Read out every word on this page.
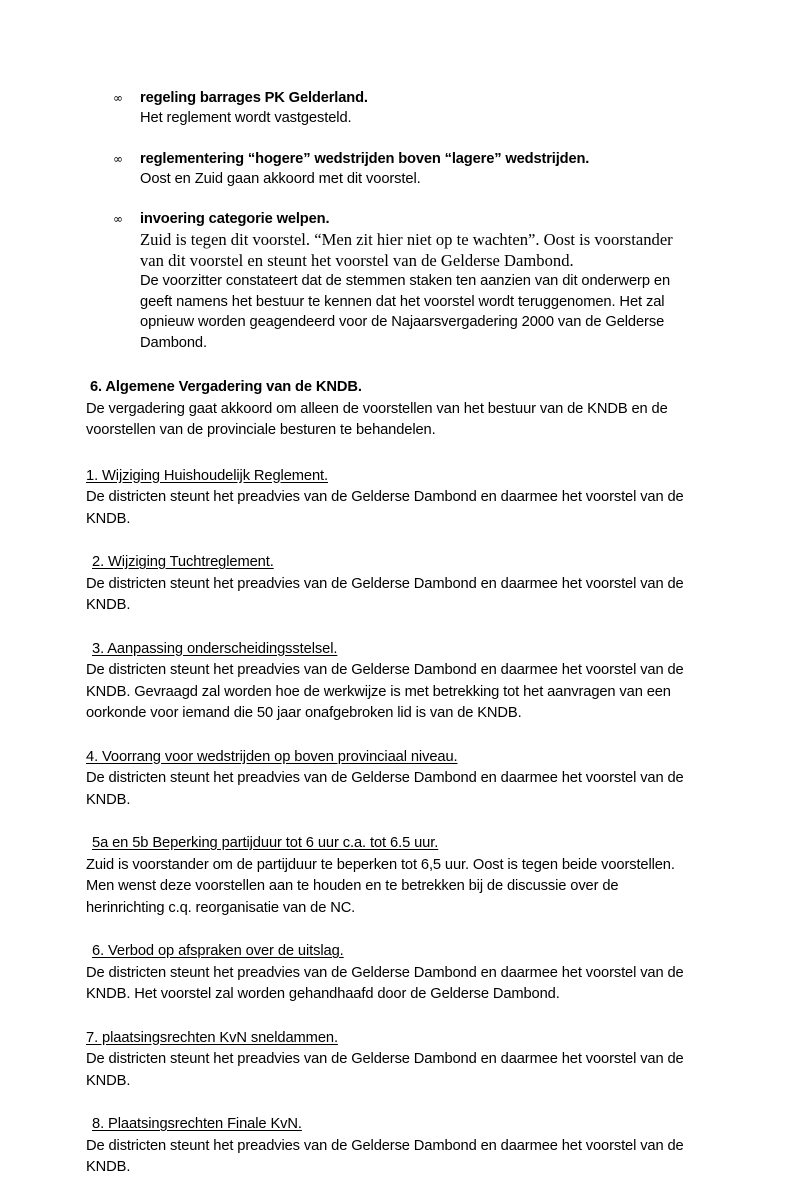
∞ regeling barrages PK Gelderland.
Het reglement wordt vastgesteld.
∞ reglementering “hogere” wedstrijden boven “lagere” wedstrijden.
Oost en Zuid gaan akkoord met dit voorstel.
∞ invoering categorie welpen.
Zuid is tegen dit voorstel. “Men zit hier niet op te wachten”. Oost is voorstander van dit voorstel en steunt het voorstel van de Gelderse Dambond.
De voorzitter constateert dat de stemmen staken ten aanzien van dit onderwerp en geeft namens het bestuur te kennen dat het voorstel wordt teruggenomen. Het zal opnieuw worden geagendeerd voor de Najaarsvergadering 2000 van de Gelderse Dambond.
6. Algemene Vergadering van de KNDB.
De vergadering gaat akkoord om alleen de voorstellen van het bestuur van de KNDB en de voorstellen van de provinciale besturen te behandelen.
1. Wijziging Huishoudelijk Reglement.
De districten steunt het preadvies van de Gelderse Dambond en daarmee het voorstel van de KNDB.
2. Wijziging Tuchtreglement.
De districten steunt het preadvies van de Gelderse Dambond en daarmee het voorstel van de KNDB.
3. Aanpassing onderscheidingsstelsel.
De districten steunt het preadvies van de Gelderse Dambond en daarmee het voorstel van de KNDB. Gevraagd zal worden hoe de werkwijze is met betrekking tot het aanvragen van een oorkonde voor iemand die 50 jaar onafgebroken lid is van de KNDB.
4. Voorrang voor wedstrijden op boven provinciaal niveau.
De districten steunt het preadvies van de Gelderse Dambond en daarmee het voorstel van de KNDB.
5a en 5b Beperking partijduur tot 6 uur c.a. tot 6.5 uur.
Zuid is voorstander om de partijduur te beperken tot 6,5 uur. Oost is tegen beide voorstellen. Men wenst deze voorstellen aan te houden en te betrekken bij de discussie over de herinrichting c.q. reorganisatie van de NC.
6. Verbod op afspraken over de uitslag.
De districten steunt het preadvies van de Gelderse Dambond en daarmee het voorstel van de KNDB. Het voorstel zal worden gehandhaafd door de Gelderse Dambond.
7. plaatsingsrechten KvN sneldammen.
De districten steunt het preadvies van de Gelderse Dambond en daarmee het voorstel van de KNDB.
8. Plaatsingsrechten Finale KvN.
De districten steunt het preadvies van de Gelderse Dambond en daarmee het voorstel van de KNDB.
